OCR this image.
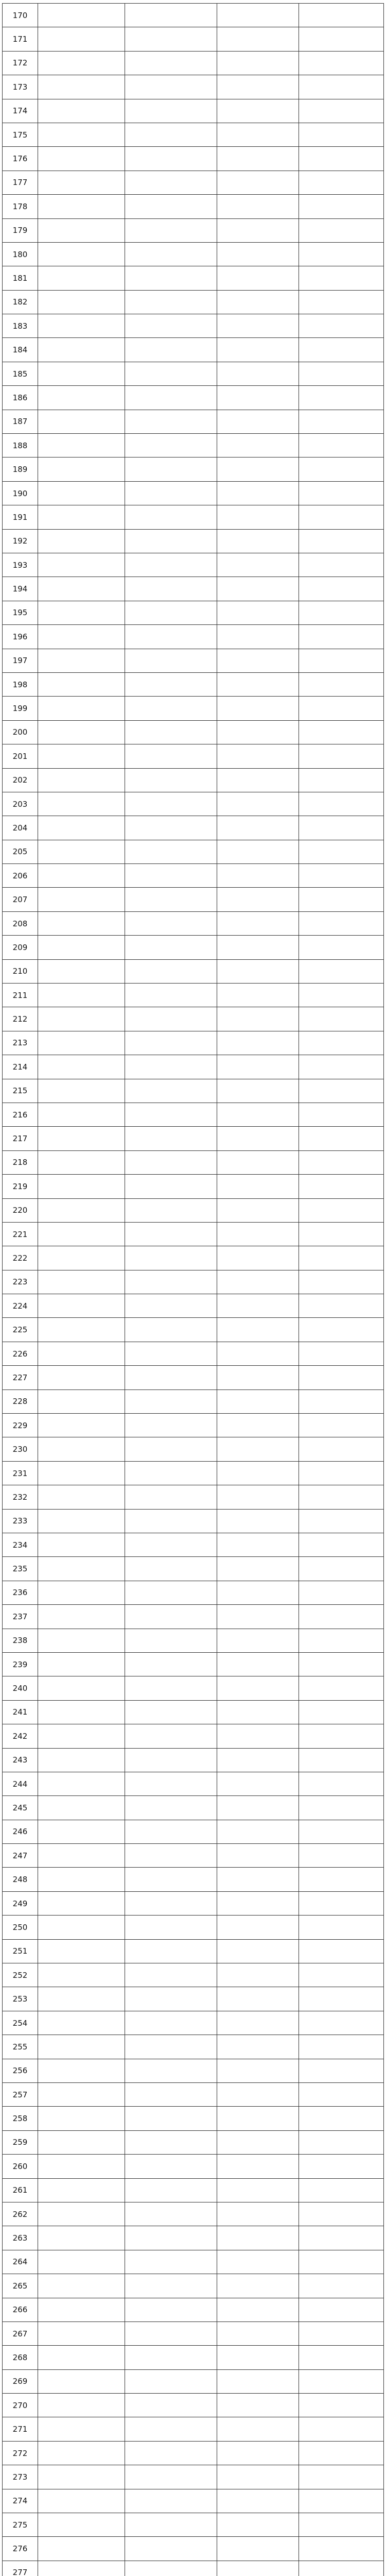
170				
171				
172				
173				
174				
175				
176				
177				
178				
179				
180				
181				
182				
183				
184				
185				
186				
187				
188				
189				
190				
191				
192				
193				
194				
195				
196				
197				
198				
199				
200				
201				
202				
203				
204				
205				
206				
207				
208				
209				
210				
211				
212				
213				
214				
215				
216				
217				
218				
219				
220				
221				
222				
223				
224				
225				
226				
227				
228				
229				
230				
231				
232				
233				
234				
235				
236				
237				
238				
239				
240				
241				
242				
243				
244				
245				
246				
247				
248				
249				
250				
251				
252				
253				
254				
255				
256				
257				
258				
259				
260				
261				
262				
263				
264				
265				
266				
267				
268				
269				
270				
271				
272				
273				
274				
275				
276				
277				
